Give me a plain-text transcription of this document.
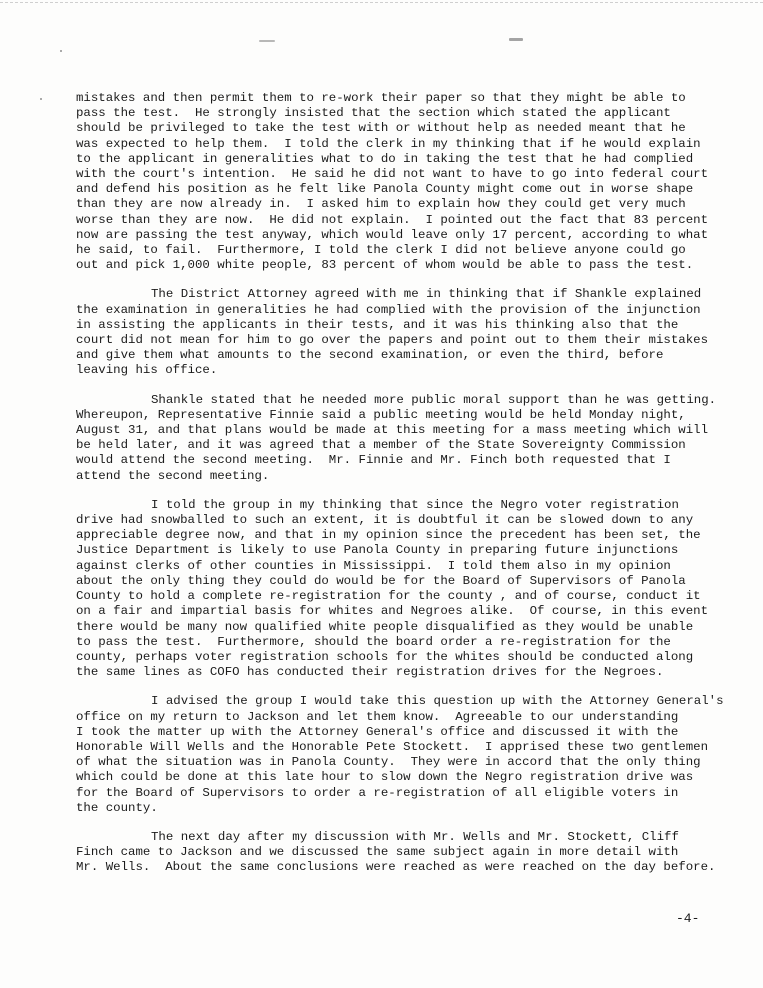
mistakes and then permit them to re-work their paper so that they might be able to
pass the test.  He strongly insisted that the section which stated the applicant
should be privileged to take the test with or without help as needed meant that he
was expected to help them.  I told the clerk in my thinking that if he would explain
to the applicant in generalities what to do in taking the test that he had complied
with the court's intention.  He said he did not want to have to go into federal court
and defend his position as he felt like Panola County might come out in worse shape
than they are now already in.  I asked him to explain how they could get very much
worse than they are now.  He did not explain.  I pointed out the fact that 83 percent
now are passing the test anyway, which would leave only 17 percent, according to what
he said, to fail.  Furthermore, I told the clerk I did not believe anyone could go
out and pick 1,000 white people, 83 percent of whom would be able to pass the test.
The District Attorney agreed with me in thinking that if Shankle explained
the examination in generalities he had complied with the provision of the injunction
in assisting the applicants in their tests, and it was his thinking also that the
court did not mean for him to go over the papers and point out to them their mistakes
and give them what amounts to the second examination, or even the third, before
leaving his office.
Shankle stated that he needed more public moral support than he was getting.
Whereupon, Representative Finnie said a public meeting would be held Monday night,
August 31, and that plans would be made at this meeting for a mass meeting which will
be held later, and it was agreed that a member of the State Sovereignty Commission
would attend the second meeting.  Mr. Finnie and Mr. Finch both requested that I
attend the second meeting.
I told the group in my thinking that since the Negro voter registration
drive had snowballed to such an extent, it is doubtful it can be slowed down to any
appreciable degree now, and that in my opinion since the precedent has been set, the
Justice Department is likely to use Panola County in preparing future injunctions
against clerks of other counties in Mississippi.  I told them also in my opinion
about the only thing they could do would be for the Board of Supervisors of Panola
County to hold a complete re-registration for the county , and of course, conduct it
on a fair and impartial basis for whites and Negroes alike.  Of course, in this event
there would be many now qualified white people disqualified as they would be unable
to pass the test.  Furthermore, should the board order a re-registration for the
county, perhaps voter registration schools for the whites should be conducted along
the same lines as COFO has conducted their registration drives for the Negroes.
I advised the group I would take this question up with the Attorney General's
office on my return to Jackson and let them know.  Agreeable to our understanding
I took the matter up with the Attorney General's office and discussed it with the
Honorable Will Wells and the Honorable Pete Stockett.  I apprised these two gentlemen
of what the situation was in Panola County.  They were in accord that the only thing
which could be done at this late hour to slow down the Negro registration drive was
for the Board of Supervisors to order a re-registration of all eligible voters in
the county.
The next day after my discussion with Mr. Wells and Mr. Stockett, Cliff
Finch came to Jackson and we discussed the same subject again in more detail with
Mr. Wells.  About the same conclusions were reached as were reached on the day before.
-4-
